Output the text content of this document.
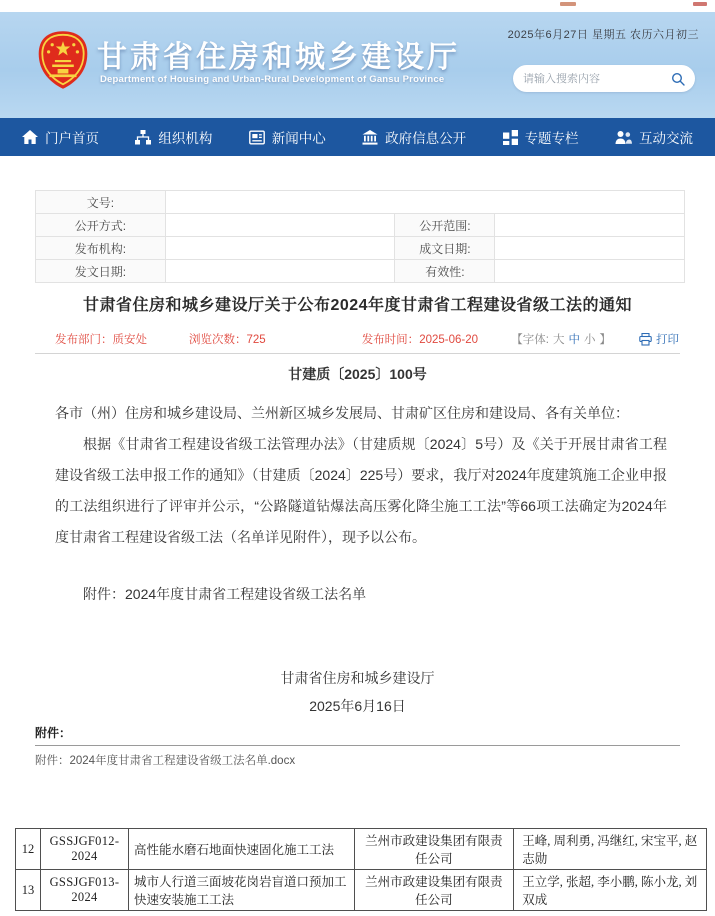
2025年6月27日 星期五 农历六月初三
甘肃省住房和城乡建设厅
Department of Housing and Urban-Rural Development of Gansu Province
请输入搜索内容
门户首页	组织机构	新闻中心	政府信息公开	专题专栏	互动交流
文号:			
公开方式:		公开范围:	
发布机构:		成文日期:	
发文日期:		有效性:	
甘肃省住房和城乡建设厅关于公布2024年度甘肃省工程建设省级工法的通知
发布部门：质安处	浏览次数：725	发布时间：2025-06-20	【字体: 大 中 小 】	打印
甘建质〔2025〕100号

各市（州）住房和城乡建设局、兰州新区城乡发展局、甘肃矿区住房和建设局、各有关单位：

根据《甘肃省工程建设省级工法管理办法》（甘建质规〔2024〕5号）及《关于开展甘肃省工程建设省级工法申报工作的通知》（甘建质〔2024〕225号）要求，我厅对2024年度建筑施工企业申报的工法组织进行了评审并公示，“公路隧道钻爆法高压雾化降尘施工工法”等66项工法确定为2024年度甘肃省工程建设省级工法（名单详见附件），现予以公布。

附件：2024年度甘肃省工程建设省级工法名单

甘肃省住房和城乡建设厅
2025年6月16日
附件：
附件：2024年度甘肃省工程建设省级工法名单.docx
12	GSSJGF012-2024	高性能水磨石地面快速固化施工工法	兰州市政建设集团有限责任公司	王峰, 周利勇, 冯继红, 宋宝平, 赵志勋
13	GSSJGF013-2024	城市人行道三面坡花岗岩盲道口预加工快速安装施工工法	兰州市政建设集团有限责任公司	王立学, 张超, 李小鹏, 陈小龙, 刘双成
